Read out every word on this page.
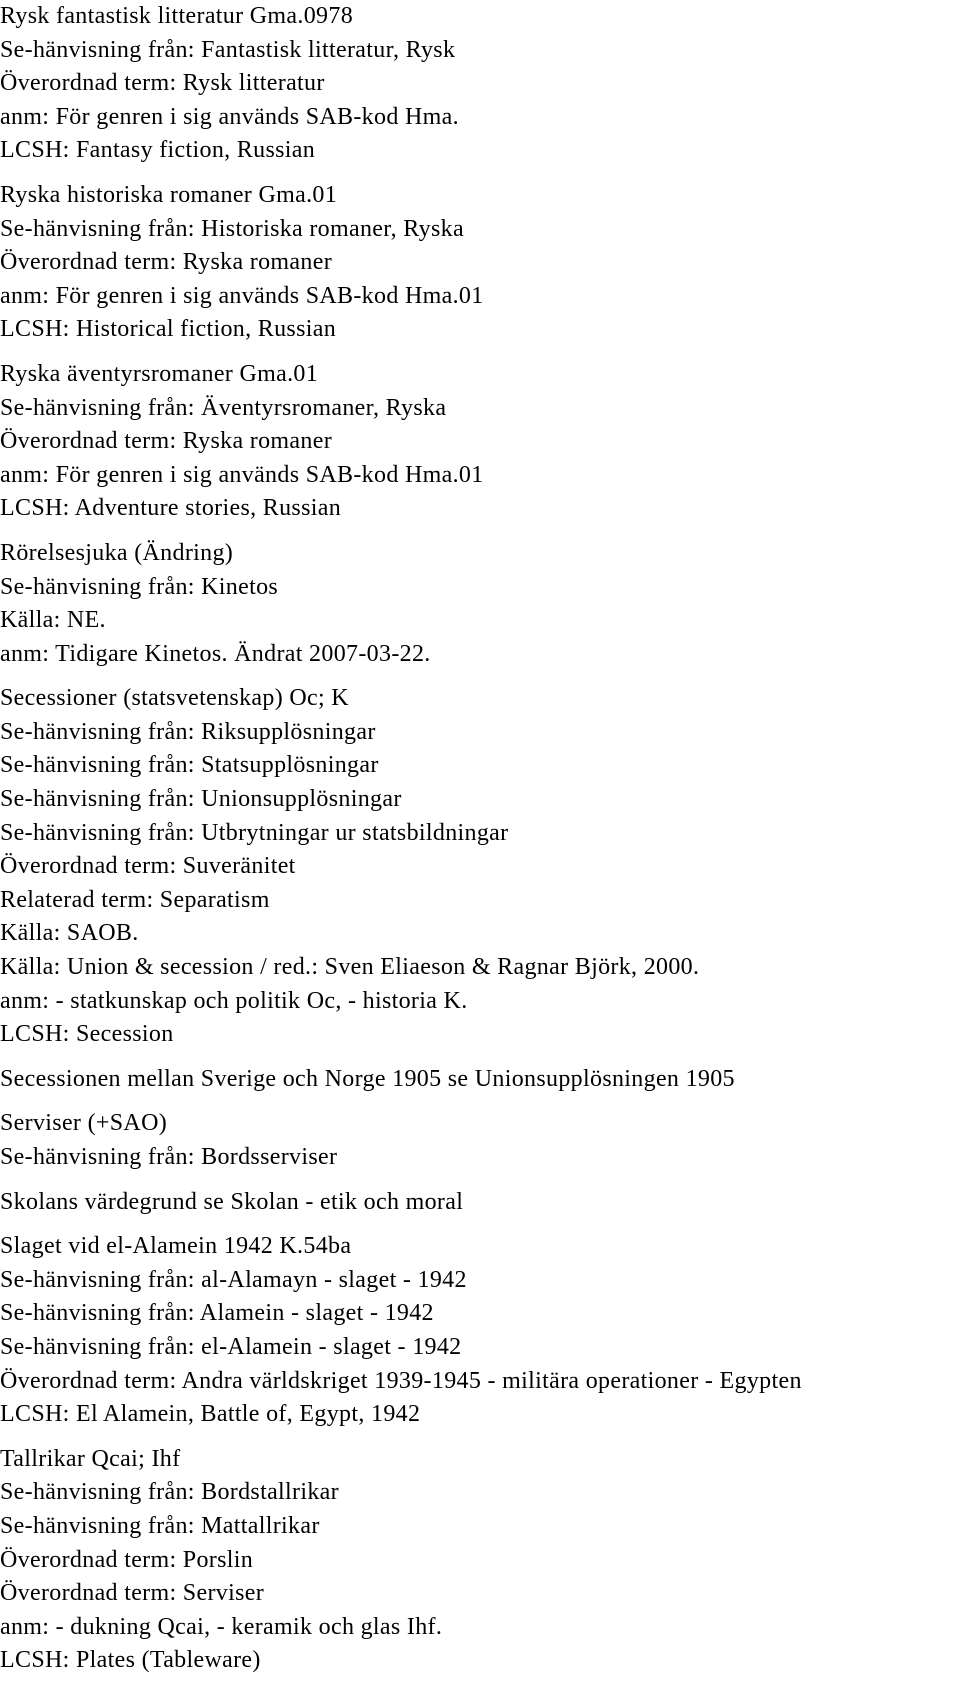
Rysk fantastisk litteratur Gma.0978
Se-hänvisning från: Fantastisk litteratur, Rysk
Överordnad term: Rysk litteratur
anm: För genren i sig används SAB-kod Hma.
LCSH: Fantasy fiction, Russian
Ryska historiska romaner Gma.01
Se-hänvisning från: Historiska romaner, Ryska
Överordnad term: Ryska romaner
anm: För genren i sig används SAB-kod Hma.01
LCSH: Historical fiction, Russian
Ryska äventyrsromaner Gma.01
Se-hänvisning från: Äventyrsromaner, Ryska
Överordnad term: Ryska romaner
anm: För genren i sig används SAB-kod Hma.01
LCSH: Adventure stories, Russian
Rörelsesjuka (Ändring)
Se-hänvisning från: Kinetos
Källa: NE.
anm: Tidigare Kinetos. Ändrat 2007-03-22.
Secessioner (statsvetenskap) Oc; K
Se-hänvisning från: Riksupplösningar
Se-hänvisning från: Statsupplösningar
Se-hänvisning från: Unionsupplösningar
Se-hänvisning från: Utbrytningar ur statsbildningar
Överordnad term: Suveränitet
Relaterad term: Separatism
Källa: SAOB.
Källa: Union & secession / red.: Sven Eliaeson & Ragnar Björk, 2000.
anm: - statkunskap och politik Oc, - historia K.
LCSH: Secession
Secessionen mellan Sverige och Norge 1905 se Unionsupplösningen 1905
Serviser (+SAO)
Se-hänvisning från: Bordsserviser
Skolans värdegrund se Skolan - etik och moral
Slaget vid el-Alamein 1942 K.54ba
Se-hänvisning från: al-Alamayn - slaget - 1942
Se-hänvisning från: Alamein - slaget - 1942
Se-hänvisning från: el-Alamein - slaget - 1942
Överordnad term: Andra världskriget 1939-1945 - militära operationer - Egypten
LCSH: El Alamein, Battle of, Egypt, 1942
Tallrikar Qcai; Ihf
Se-hänvisning från: Bordstallrikar
Se-hänvisning från: Mattallrikar
Överordnad term: Porslin
Överordnad term: Serviser
anm: - dukning Qcai, - keramik och glas Ihf.
LCSH: Plates (Tableware)
